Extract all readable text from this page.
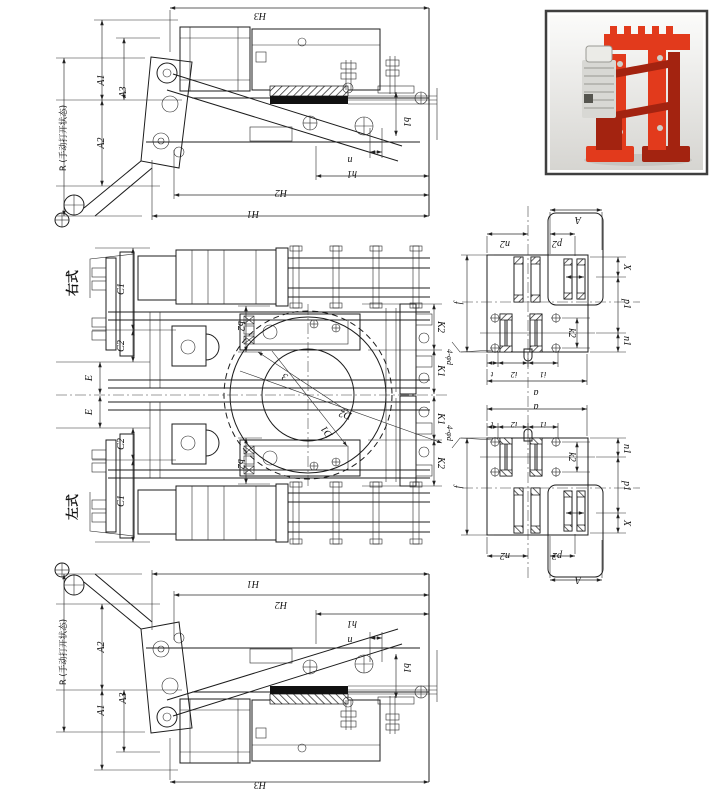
H3
A1
A3
A2
R (手动打开状态)	b1
n
h1
H2
H1
H3
A1
A3
A2
R (手动打开状态)	b1
n
h1
H2
H1
右式
左式
C1
C2
E
b2	K2
K1
C1
C2
E
b2	K2
K1
3
D2
D1
A
n2	p2
X
p1
n1
f
k2
4-φd
t i2	i1
a
A
n2	p2
X
p1
n1
f
k2
4-φd	t i2	i1
a
